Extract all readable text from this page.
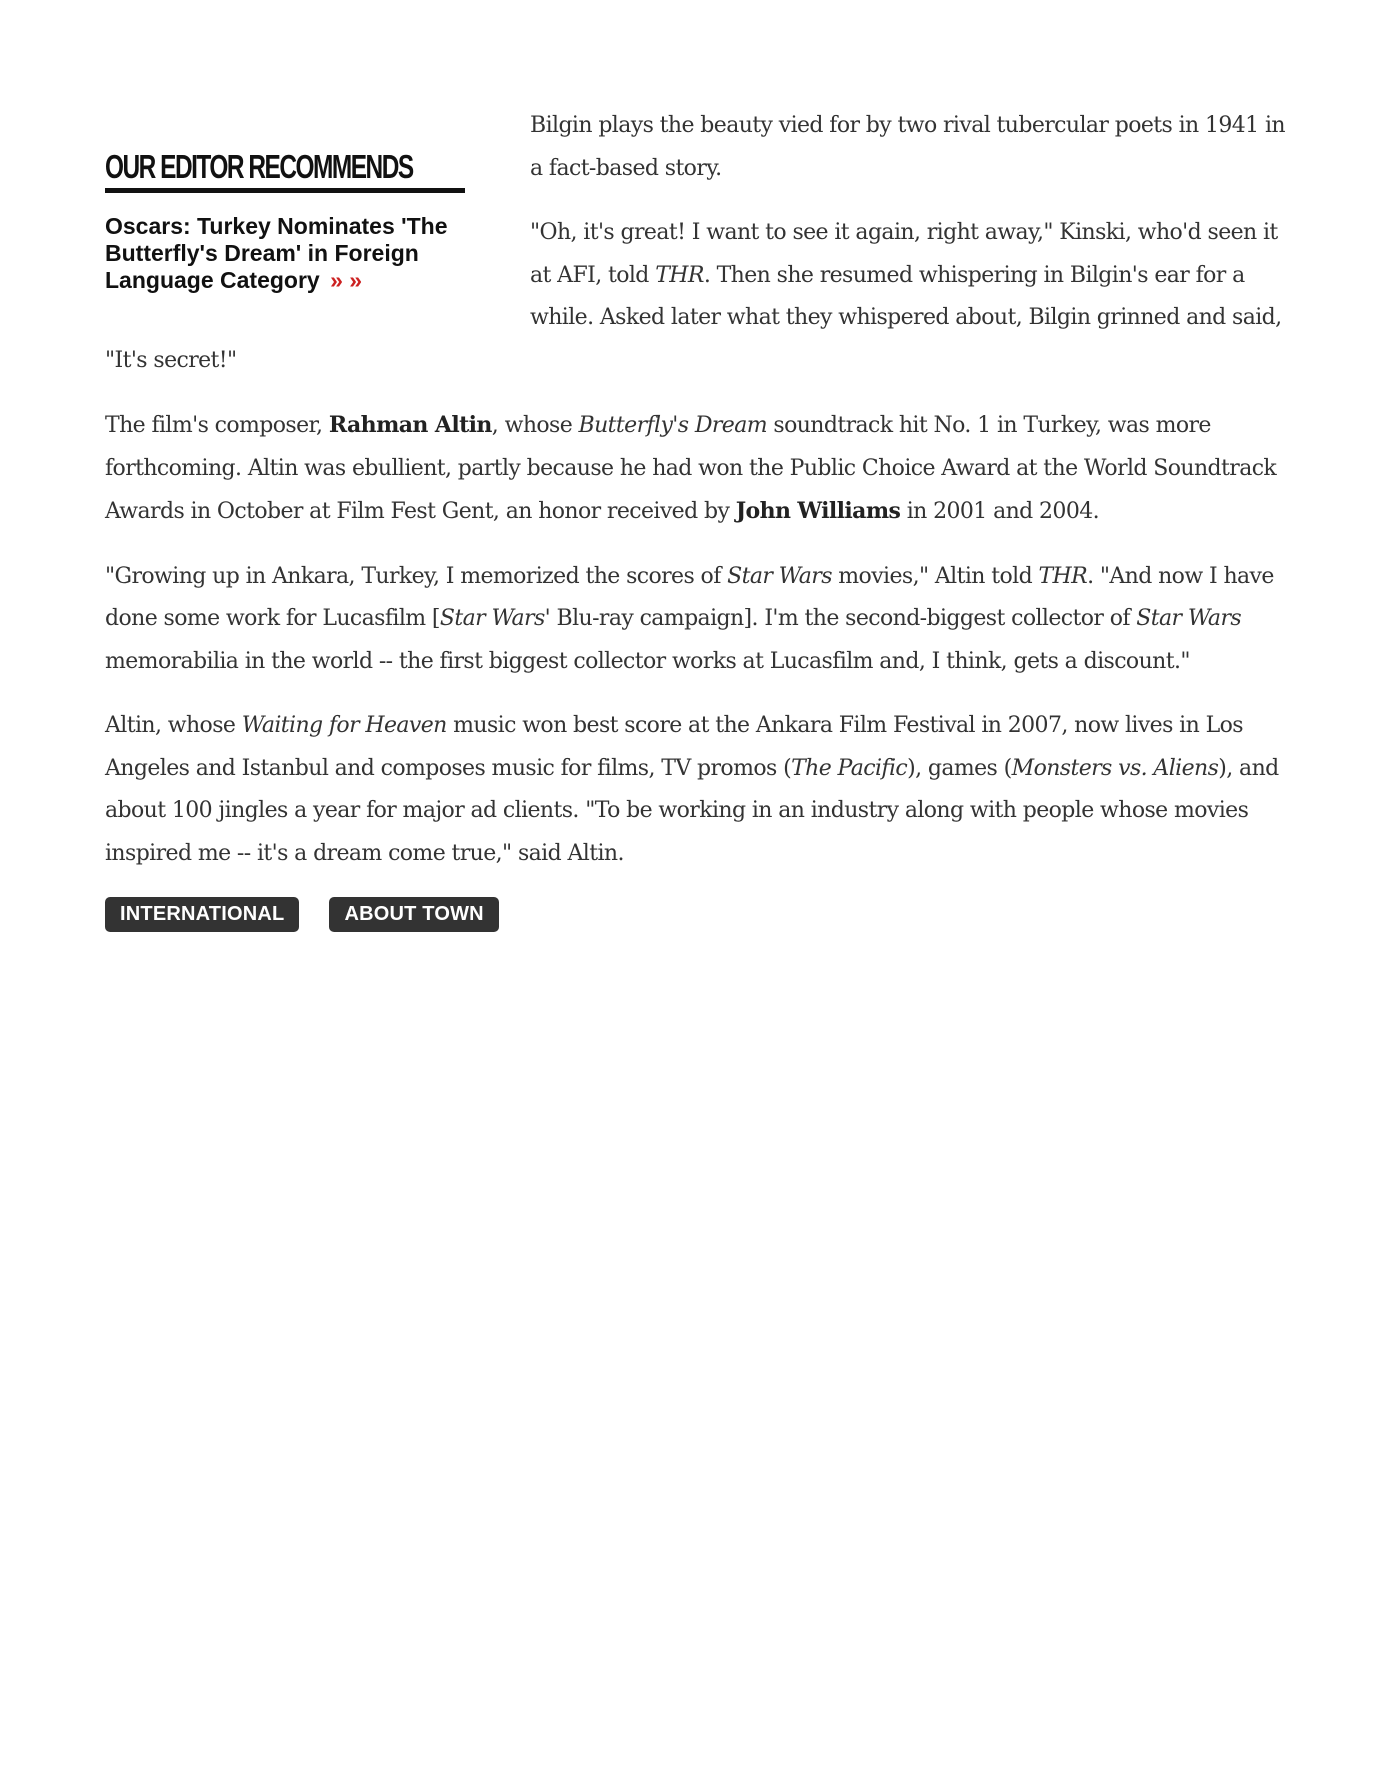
OUR EDITOR RECOMMENDS
Oscars: Turkey Nominates 'The Butterfly's Dream' in Foreign Language Category » »

Bilgin plays the beauty vied for by two rival tubercular poets in 1941 in a fact-based story.

"Oh, it's great! I want to see it again, right away," Kinski, who'd seen it at AFI, told THR. Then she resumed whispering in Bilgin's ear for a while. Asked later what they whispered about, Bilgin grinned and said, "It's secret!"

The film's composer, Rahman Altin, whose Butterfly's Dream soundtrack hit No. 1 in Turkey, was more forthcoming. Altin was ebullient, partly because he had won the Public Choice Award at the World Soundtrack Awards in October at Film Fest Gent, an honor received by John Williams in 2001 and 2004.

"Growing up in Ankara, Turkey, I memorized the scores of Star Wars movies," Altin told THR. "And now I have done some work for Lucasfilm [Star Wars' Blu-ray campaign]. I'm the second-biggest collector of Star Wars memorabilia in the world -- the first biggest collector works at Lucasfilm and, I think, gets a discount."

Altin, whose Waiting for Heaven music won best score at the Ankara Film Festival in 2007, now lives in Los Angeles and Istanbul and composes music for films, TV promos (The Pacific), games (Monsters vs. Aliens), and about 100 jingles a year for major ad clients. "To be working in an industry along with people whose movies inspired me -- it's a dream come true," said Altin.

INTERNATIONAL	ABOUT TOWN
